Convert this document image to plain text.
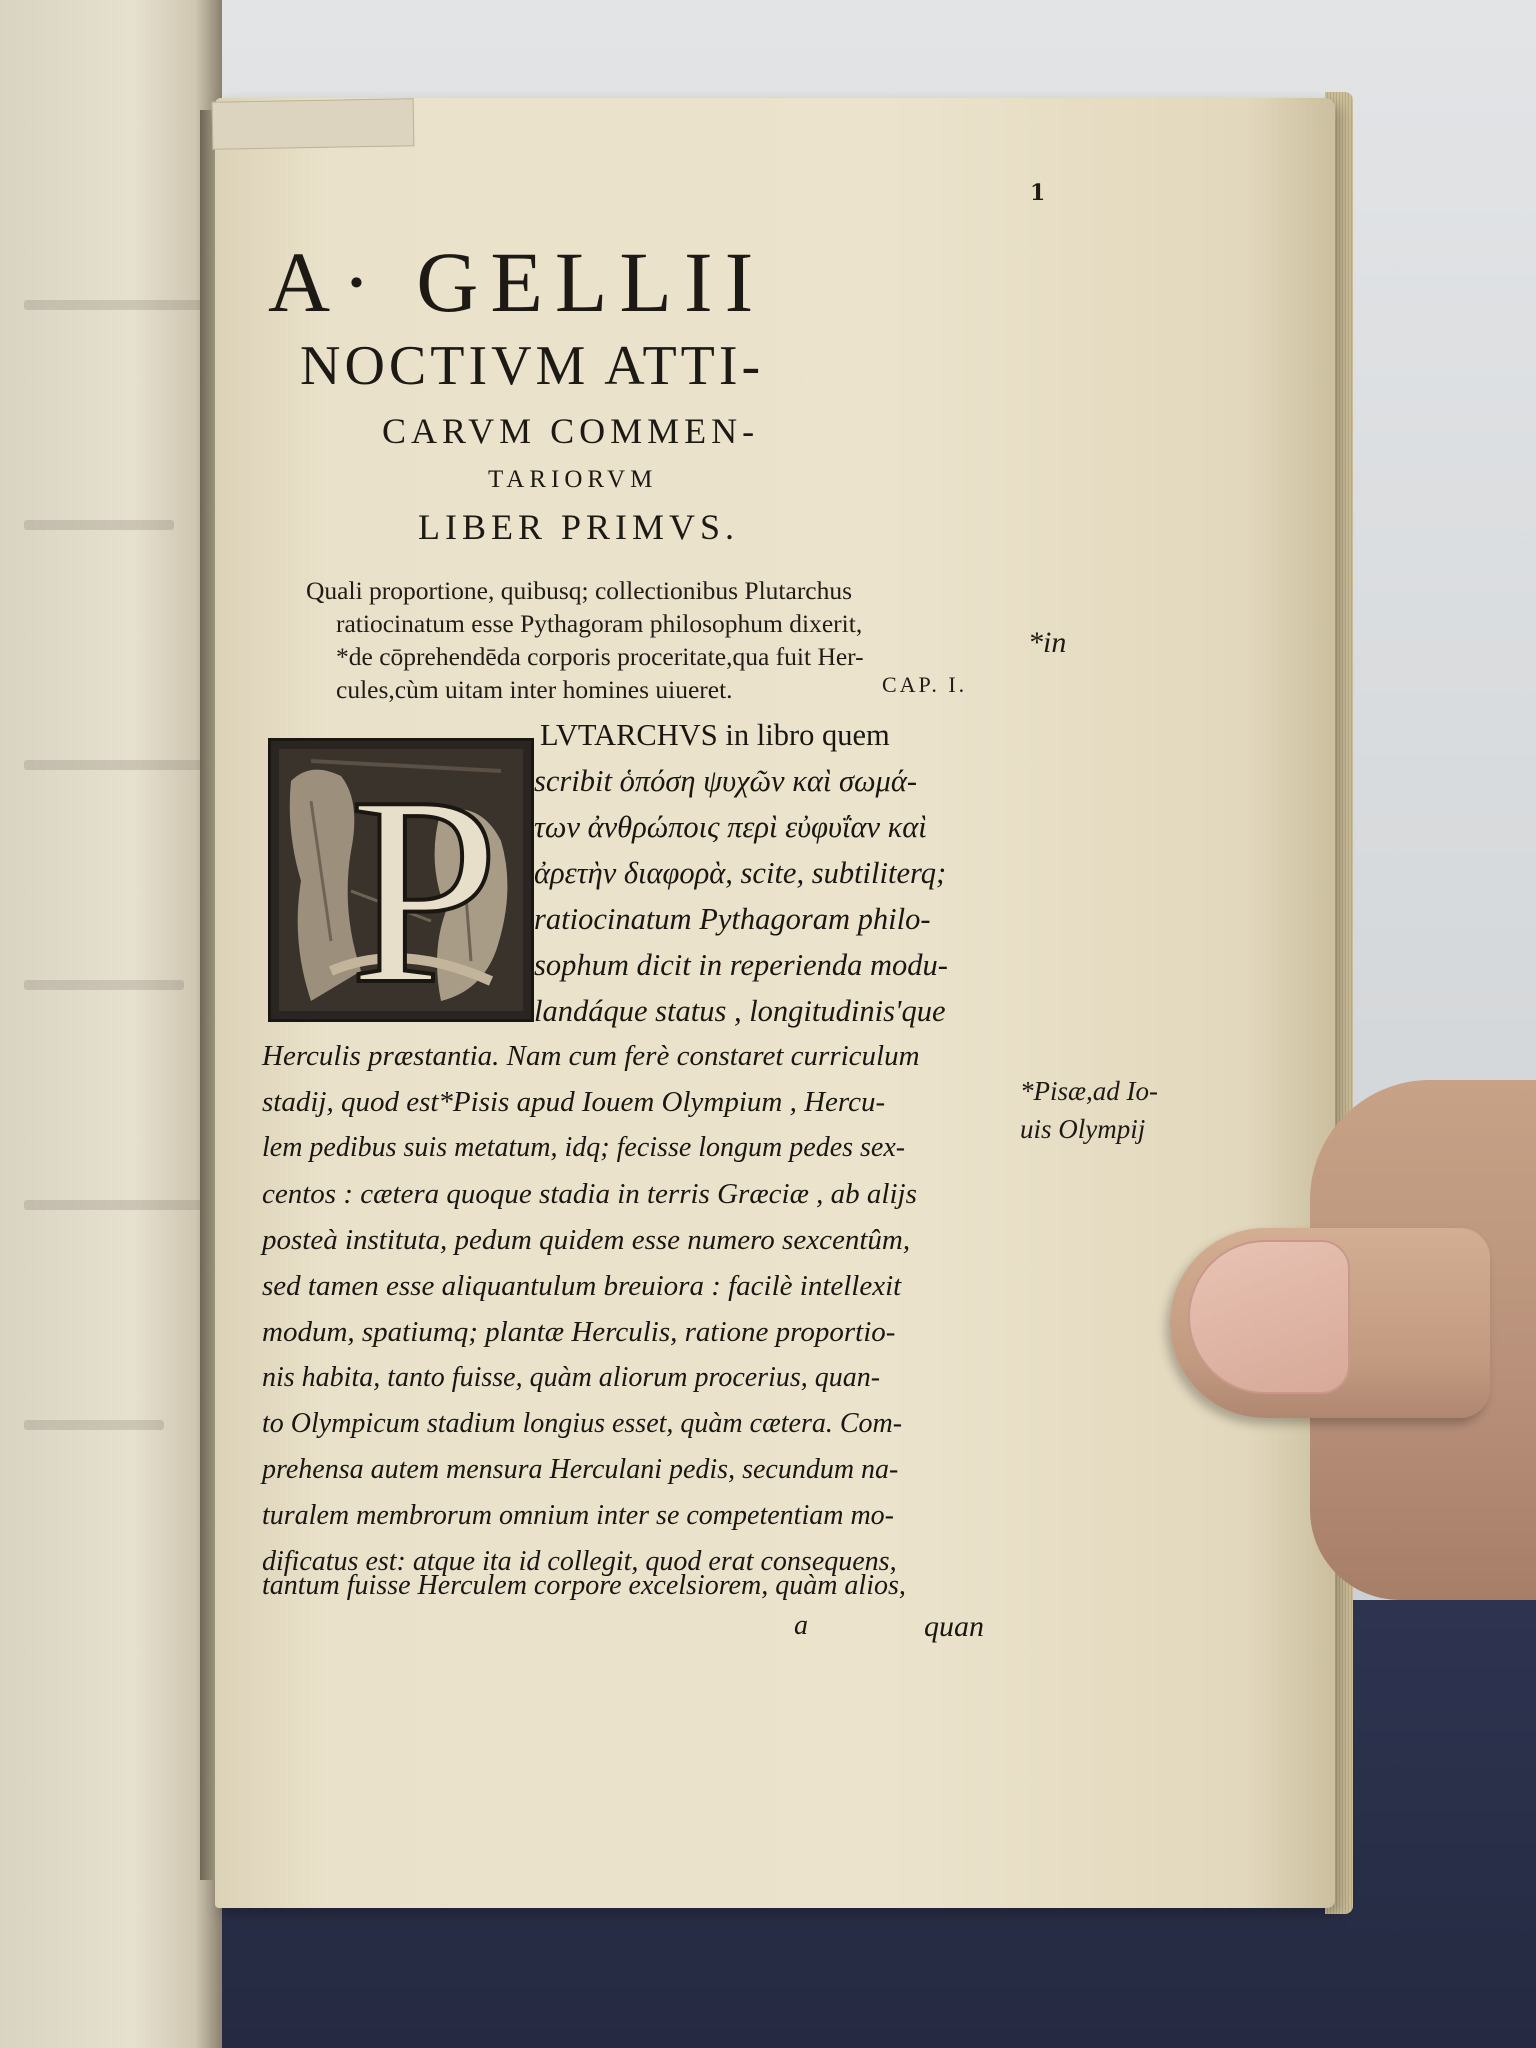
1
A· GELLII
NOCTIVM ATTI-
CARVM COMMEN-
TARIORVM
LIBER PRIMVS.
Quali proportione, quibusq; collectionibus Plutarchus
ratiocinatum esse Pythagoram philosophum dixerit,
*de cōprehendēda corporis proceritate,qua fuit Her-
cules,cùm uitam inter homines uiueret.	CAP. I.
*in
*Pisæ,ad Io-
uis Olympij
P
LVTARCHVS in libro quem
scribit ὁπόση ψυχῶν καὶ σωμά-
των ἀνθρώποις περὶ εὐφυΐαν καὶ
ἀρετὴν διαφορὰ, scite, subtiliterq;
ratiocinatum Pythagoram philo-
sophum dicit in reperienda modu-
landáque status , longitudinis'que
Herculis præstantia. Nam cum ferè constaret curriculum
stadij, quod est*Pisis apud Iouem Olympium , Hercu-
lem pedibus suis metatum, idq; fecisse longum pedes sex-
centos : cætera quoque stadia in terris Græciæ , ab alijs
posteà instituta, pedum quidem esse numero sexcentûm,
sed tamen esse aliquantulum breuiora : facilè intellexit
modum, spatiumq; plantæ Herculis, ratione proportio-
nis habita, tanto fuisse, quàm aliorum procerius, quan-
to Olympicum stadium longius esset, quàm cætera. Com-
prehensa autem mensura Herculani pedis, secundum na-
turalem membrorum omnium inter se competentiam mo-
dificatus est: atque ita id collegit, quod erat consequens,
tantum fuisse Herculem corpore excelsiorem, quàm alios,
a	quan
